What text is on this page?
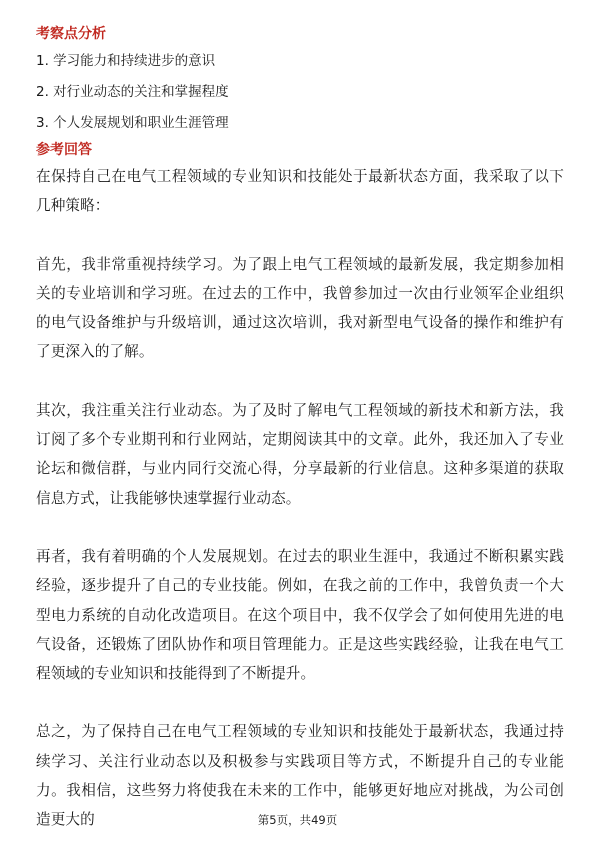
考察点分析

1. 学习能力和持续进步的意识

2. 对行业动态的关注和掌握程度

3. 个人发展规划和职业生涯管理

参考回答

在保持自己在电气工程领域的专业知识和技能处于最新状态方面，我采取了以下几种策略：

首先，我非常重视持续学习。为了跟上电气工程领域的最新发展，我定期参加相关的专业培训和学习班。在过去的工作中，我曾参加过一次由行业领军企业组织的电气设备维护与升级培训，通过这次培训，我对新型电气设备的操作和维护有了更深入的了解。

其次，我注重关注行业动态。为了及时了解电气工程领域的新技术和新方法，我订阅了多个专业期刊和行业网站，定期阅读其中的文章。此外，我还加入了专业论坛和微信群，与业内同行交流心得，分享最新的行业信息。这种多渠道的获取信息方式，让我能够快速掌握行业动态。

再者，我有着明确的个人发展规划。在过去的职业生涯中，我通过不断积累实践经验，逐步提升了自己的专业技能。例如，在我之前的工作中，我曾负责一个大型电力系统的自动化改造项目。在这个项目中，我不仅学会了如何使用先进的电气设备，还锻炼了团队协作和项目管理能力。正是这些实践经验，让我在电气工程领域的专业知识和技能得到了不断提升。

总之，为了保持自己在电气工程领域的专业知识和技能处于最新状态，我通过持续学习、关注行业动态以及积极参与实践项目等方式，不断提升自己的专业能力。我相信，这些努力将使我在未来的工作中，能够更好地应对挑战，为公司创造更大的	第5页，共49页
